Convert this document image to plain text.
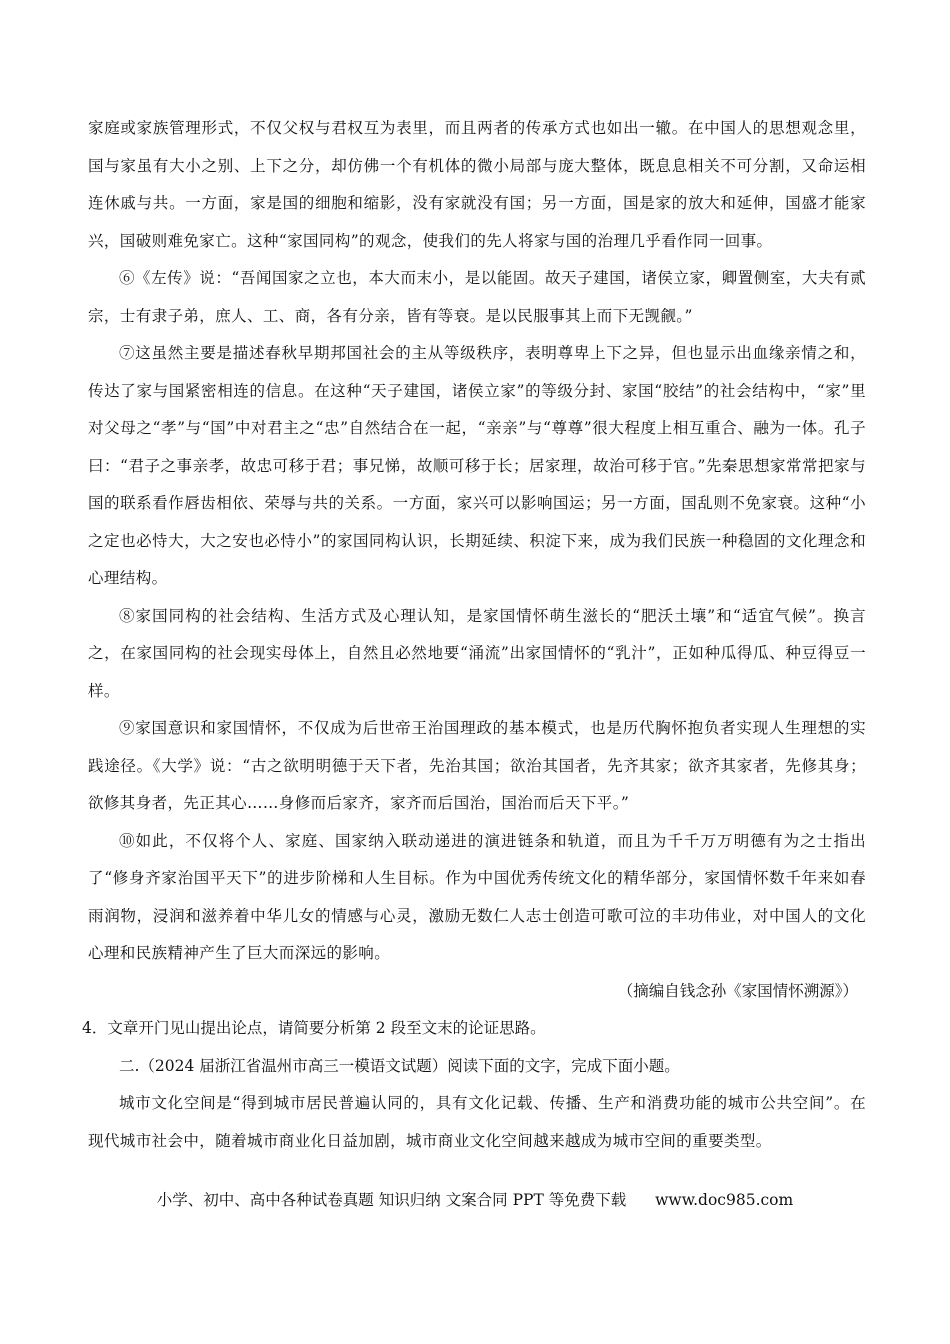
家庭或家族管理形式，不仅父权与君权互为表里，而且两者的传承方式也如出一辙。在中国人的思想观念里，国与家虽有大小之别、上下之分，却仿佛一个有机体的微小局部与庞大整体，既息息相关不可分割，又命运相连休戚与共。一方面，家是国的细胞和缩影，没有家就没有国；另一方面，国是家的放大和延伸，国盛才能家兴，国破则难免家亡。这种“家国同构”的观念，使我们的先人将家与国的治理几乎看作同一回事。

⑥《左传》说：“吾闻国家之立也，本大而末小，是以能固。故天子建国，诸侯立家，卿置侧室，大夫有贰宗，士有隶子弟，庶人、工、商，各有分亲，皆有等衰。是以民服事其上而下无觊觎。”

⑦这虽然主要是描述春秋早期邦国社会的主从等级秩序，表明尊卑上下之异，但也显示出血缘亲情之和，传达了家与国紧密相连的信息。在这种“天子建国，诸侯立家”的等级分封、家国“胶结”的社会结构中，“家”里对父母之“孝”与“国”中对君主之“忠”自然结合在一起，“亲亲”与“尊尊”很大程度上相互重合、融为一体。孔子曰：“君子之事亲孝，故忠可移于君；事兄悌，故顺可移于长；居家理，故治可移于官。”先秦思想家常常把家与国的联系看作唇齿相依、荣辱与共的关系。一方面，家兴可以影响国运；另一方面，国乱则不免家衰。这种“小之定也必恃大，大之安也必恃小”的家国同构认识，长期延续、积淀下来，成为我们民族一种稳固的文化理念和心理结构。

⑧家国同构的社会结构、生活方式及心理认知，是家国情怀萌生滋长的“肥沃土壤”和“适宜气候”。换言之，在家国同构的社会现实母体上，自然且必然地要“涌流”出家国情怀的“乳汁”，正如种瓜得瓜、种豆得豆一样。

⑨家国意识和家国情怀，不仅成为后世帝王治国理政的基本模式，也是历代胸怀抱负者实现人生理想的实践途径。《大学》说：“古之欲明明德于天下者，先治其国；欲治其国者，先齐其家；欲齐其家者，先修其身；欲修其身者，先正其心……身修而后家齐，家齐而后国治，国治而后天下平。”

⑩如此，不仅将个人、家庭、国家纳入联动递进的演进链条和轨道，而且为千千万万明德有为之士指出了“修身齐家治国平天下”的进步阶梯和人生目标。作为中国优秀传统文化的精华部分，家国情怀数千年来如春雨润物，浸润和滋养着中华儿女的情感与心灵，激励无数仁人志士创造可歌可泣的丰功伟业，对中国人的文化心理和民族精神产生了巨大而深远的影响。

（摘编自钱念孙《家国情怀溯源》）

4．文章开门见山提出论点，请简要分析第 2 段至文末的论证思路。

二.（2024 届浙江省温州市高三一模语文试题）阅读下面的文字，完成下面小题。

城市文化空间是“得到城市居民普遍认同的，具有文化记载、传播、生产和消费功能的城市公共空间”。在现代城市社会中，随着城市商业化日益加剧，城市商业文化空间越来越成为城市空间的重要类型。

小学、初中、高中各种试卷真题 知识归纳 文案合同 PPT 等免费下载 www.doc985.com
